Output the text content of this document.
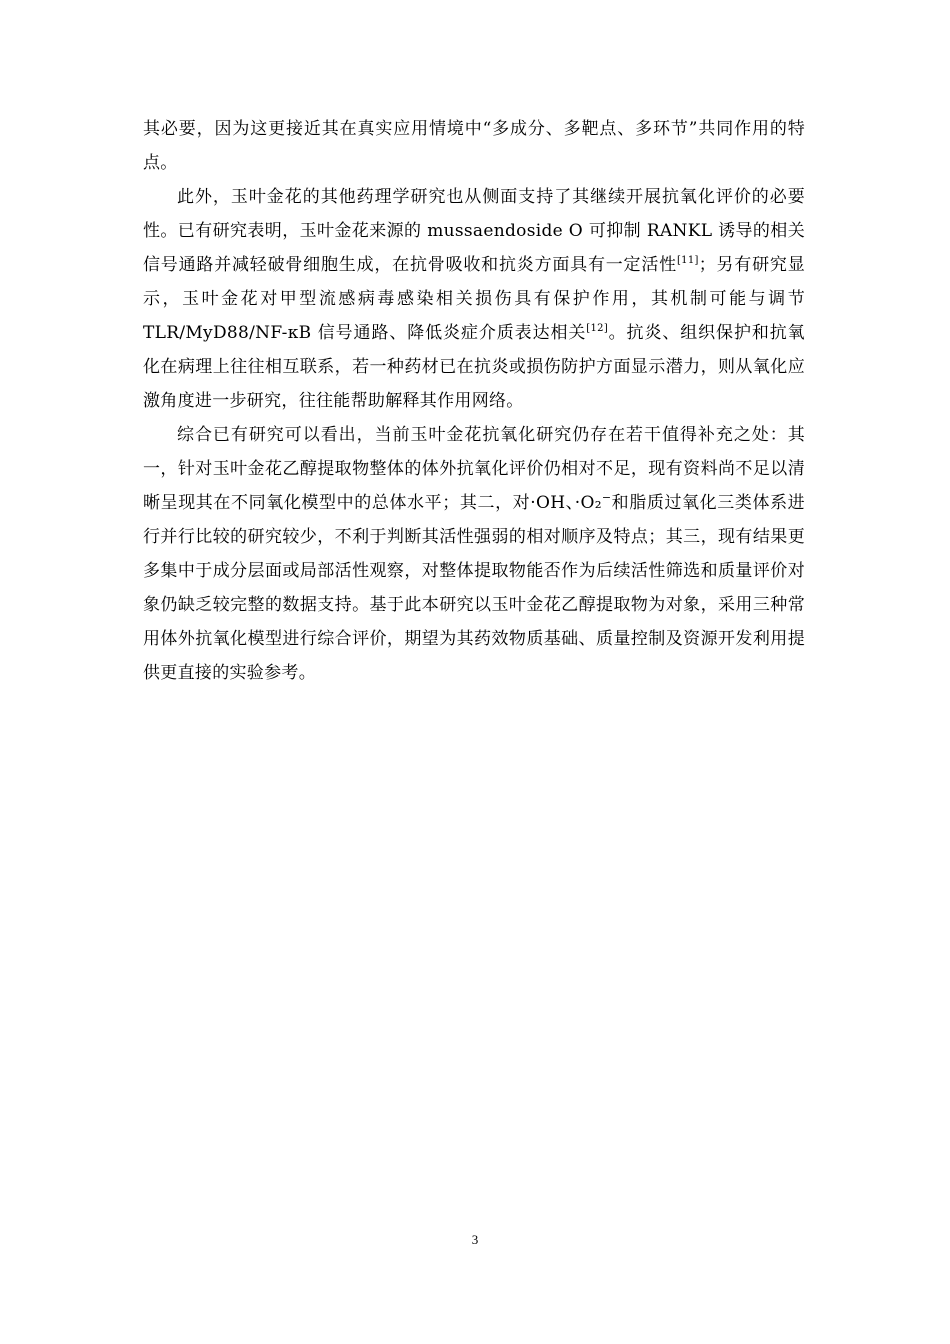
其必要，因为这更接近其在真实应用情境中“多成分、多靶点、多环节”共同作用的特点。

此外，玉叶金花的其他药理学研究也从侧面支持了其继续开展抗氧化评价的必要性。已有研究表明，玉叶金花来源的 mussaendoside O 可抑制 RANKL 诱导的相关信号通路并减轻破骨细胞生成，在抗骨吸收和抗炎方面具有一定活性[11]；另有研究显示，玉叶金花对甲型流感病毒感染相关损伤具有保护作用，其机制可能与调节 TLR/MyD88/NF-κB 信号通路、降低炎症介质表达相关[12]。抗炎、组织保护和抗氧化在病理上往往相互联系，若一种药材已在抗炎或损伤防护方面显示潜力，则从氧化应激角度进一步研究，往往能帮助解释其作用网络。

综合已有研究可以看出，当前玉叶金花抗氧化研究仍存在若干值得补充之处：其一，针对玉叶金花乙醇提取物整体的体外抗氧化评价仍相对不足，现有资料尚不足以清晰呈现其在不同氧化模型中的总体水平；其二，对·OH、·O₂−和脂质过氧化三类体系进行并行比较的研究较少，不利于判断其活性强弱的相对顺序及特点；其三，现有结果更多集中于成分层面或局部活性观察，对整体提取物能否作为后续活性筛选和质量评价对象仍缺乏较完整的数据支持。基于此本研究以玉叶金花乙醇提取物为对象，采用三种常用体外抗氧化模型进行综合评价，期望为其药效物质基础、质量控制及资源开发利用提供更直接的实验参考。

3
